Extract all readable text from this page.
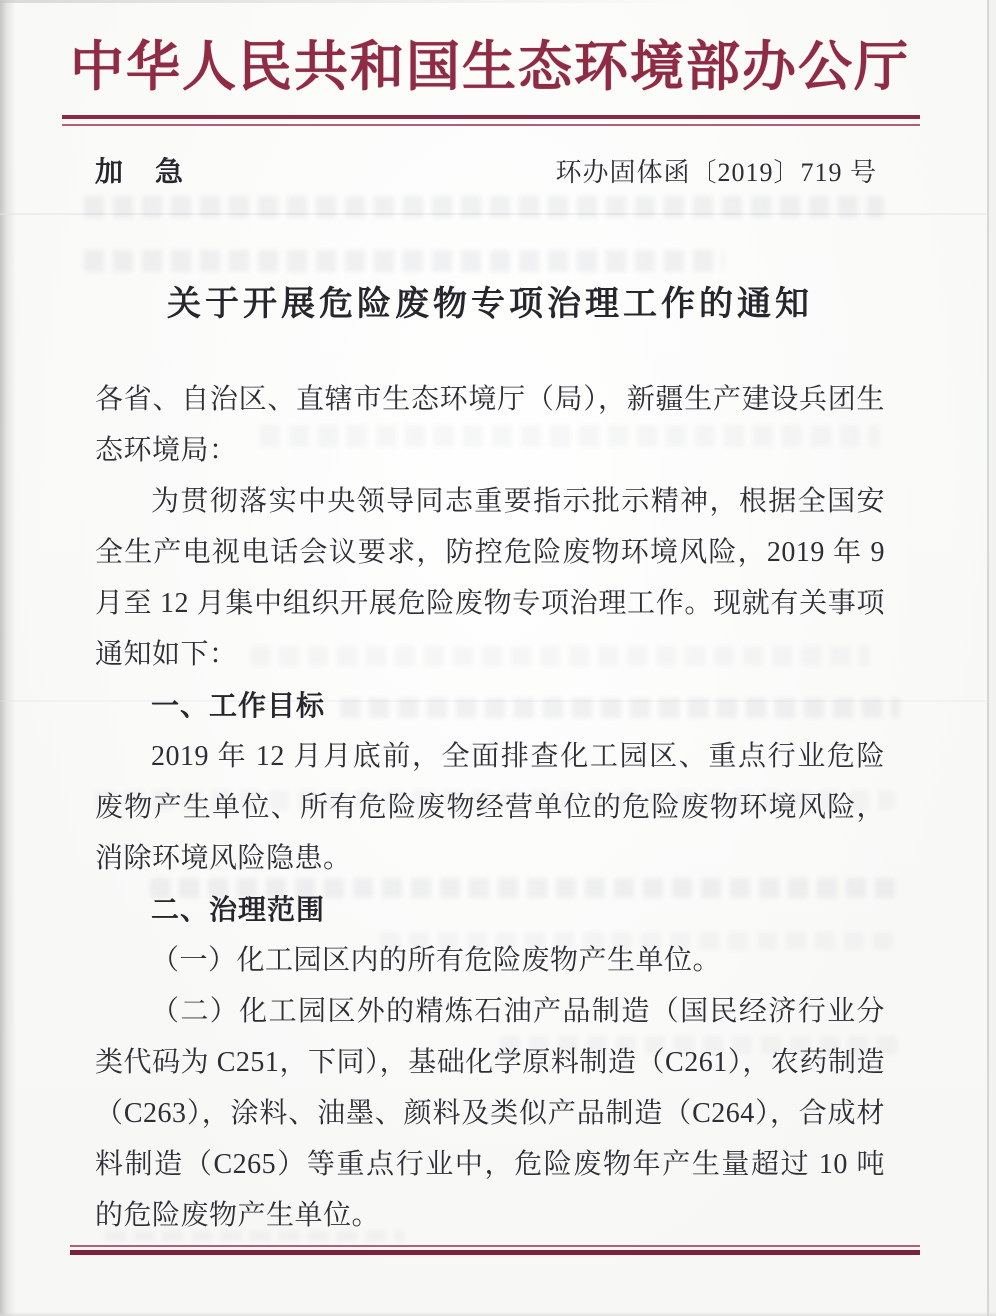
中华人民共和国生态环境部办公厅
加　急	环办固体函〔2019〕719 号
关于开展危险废物专项治理工作的通知

各省、自治区、直辖市生态环境厅（局），新疆生产建设兵团生态环境局：

为贯彻落实中央领导同志重要指示批示精神，根据全国安全生产电视电话会议要求，防控危险废物环境风险，2019 年 9 月至 12 月集中组织开展危险废物专项治理工作。现就有关事项通知如下：

一、工作目标

2019 年 12 月月底前，全面排查化工园区、重点行业危险废物产生单位、所有危险废物经营单位的危险废物环境风险，消除环境风险隐患。

二、治理范围

（一）化工园区内的所有危险废物产生单位。

（二）化工园区外的精炼石油产品制造（国民经济行业分类代码为 C251，下同），基础化学原料制造（C261），农药制造（C263），涂料、油墨、颜料及类似产品制造（C264），合成材料制造（C265）等重点行业中，危险废物年产生量超过 10 吨的危险废物产生单位。
